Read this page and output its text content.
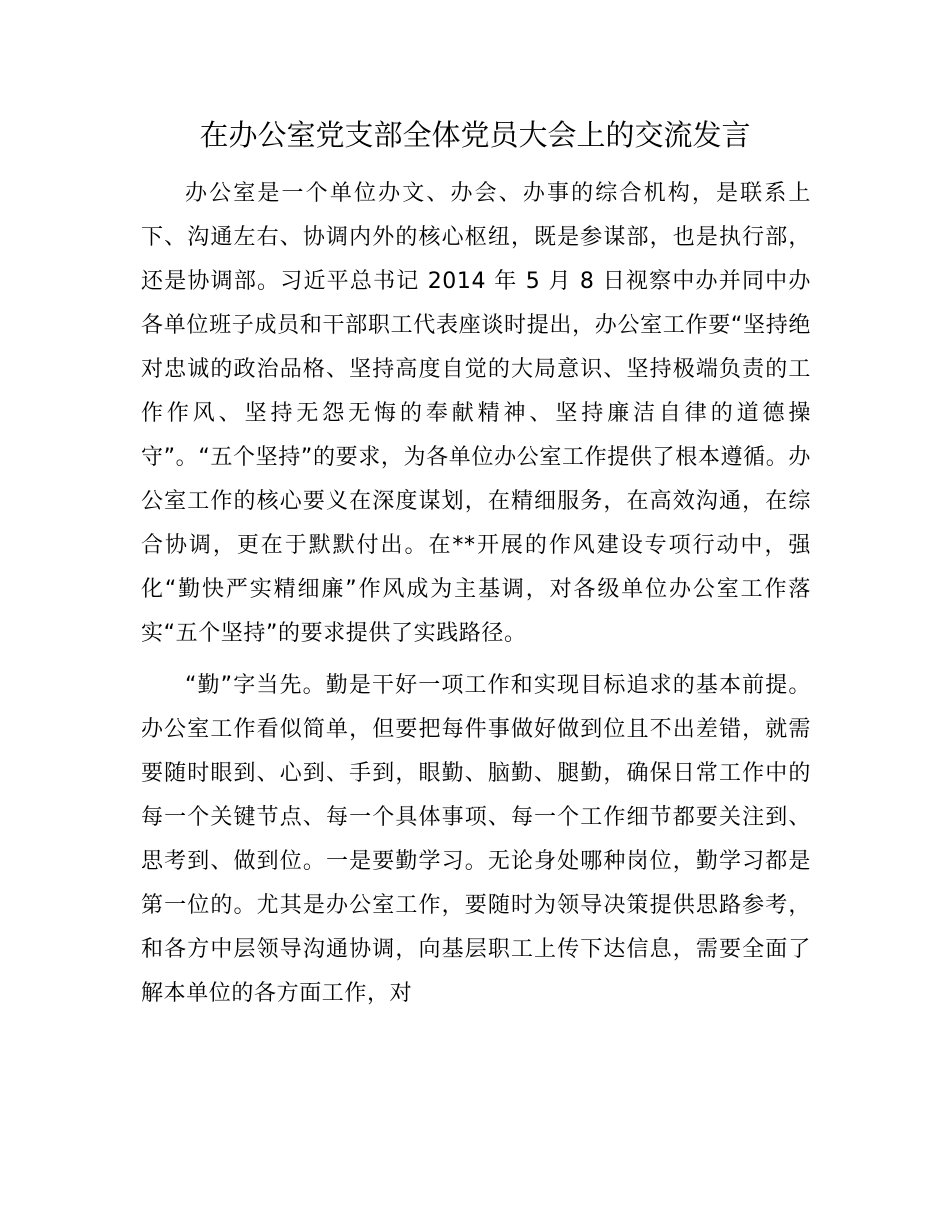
在办公室党支部全体党员大会上的交流发言

办公室是一个单位办文、办会、办事的综合机构，是联系上下、沟通左右、协调内外的核心枢纽，既是参谋部，也是执行部，还是协调部。习近平总书记 2014 年 5 月 8 日视察中办并同中办各单位班子成员和干部职工代表座谈时提出，办公室工作要“坚持绝对忠诚的政治品格、坚持高度自觉的大局意识、坚持极端负责的工作作风、坚持无怨无悔的奉献精神、坚持廉洁自律的道德操守”。“五个坚持”的要求，为各单位办公室工作提供了根本遵循。办公室工作的核心要义在深度谋划，在精细服务，在高效沟通，在综合协调，更在于默默付出。在**开展的作风建设专项行动中，强化“勤快严实精细廉”作风成为主基调，对各级单位办公室工作落实“五个坚持”的要求提供了实践路径。

“勤”字当先。勤是干好一项工作和实现目标追求的基本前提。办公室工作看似简单，但要把每件事做好做到位且不出差错，就需要随时眼到、心到、手到，眼勤、脑勤、腿勤，确保日常工作中的每一个关键节点、每一个具体事项、每一个工作细节都要关注到、思考到、做到位。一是要勤学习。无论身处哪种岗位，勤学习都是第一位的。尤其是办公室工作，要随时为领导决策提供思路参考，和各方中层领导沟通协调，向基层职工上传下达信息，需要全面了解本单位的各方面工作，对
